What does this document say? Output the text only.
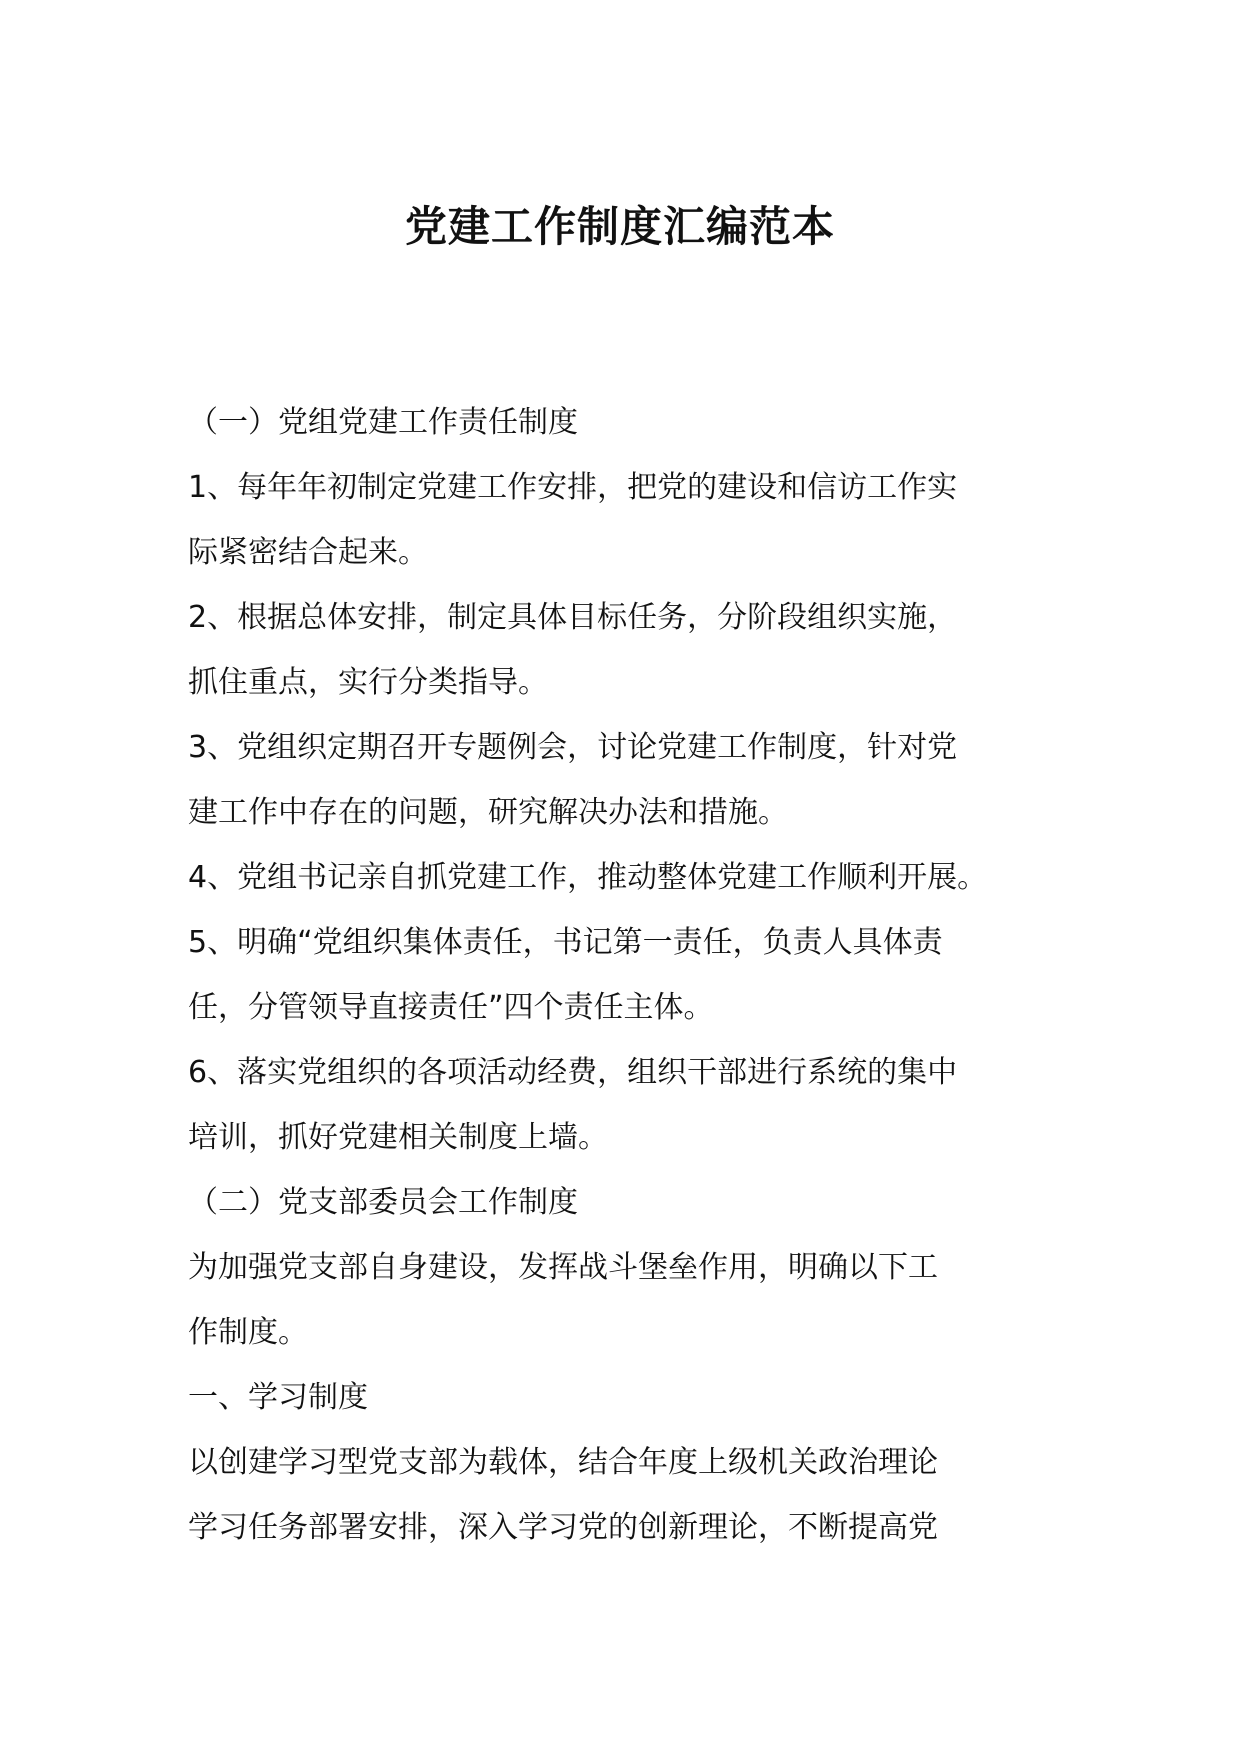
党建工作制度汇编范本
（一）党组党建工作责任制度
1、每年年初制定党建工作安排，把党的建设和信访工作实
际紧密结合起来。
2、根据总体安排，制定具体目标任务，分阶段组织实施，
抓住重点，实行分类指导。
3、党组织定期召开专题例会，讨论党建工作制度，针对党
建工作中存在的问题，研究解决办法和措施。
4、党组书记亲自抓党建工作，推动整体党建工作顺利开展。
5、明确“党组织集体责任，书记第一责任，负责人具体责
任，分管领导直接责任”四个责任主体。
6、落实党组织的各项活动经费，组织干部进行系统的集中
培训，抓好党建相关制度上墙。
（二）党支部委员会工作制度
为加强党支部自身建设，发挥战斗堡垒作用，明确以下工
作制度。
一、学习制度
以创建学习型党支部为载体，结合年度上级机关政治理论
学习任务部署安排，深入学习党的创新理论，不断提高党
